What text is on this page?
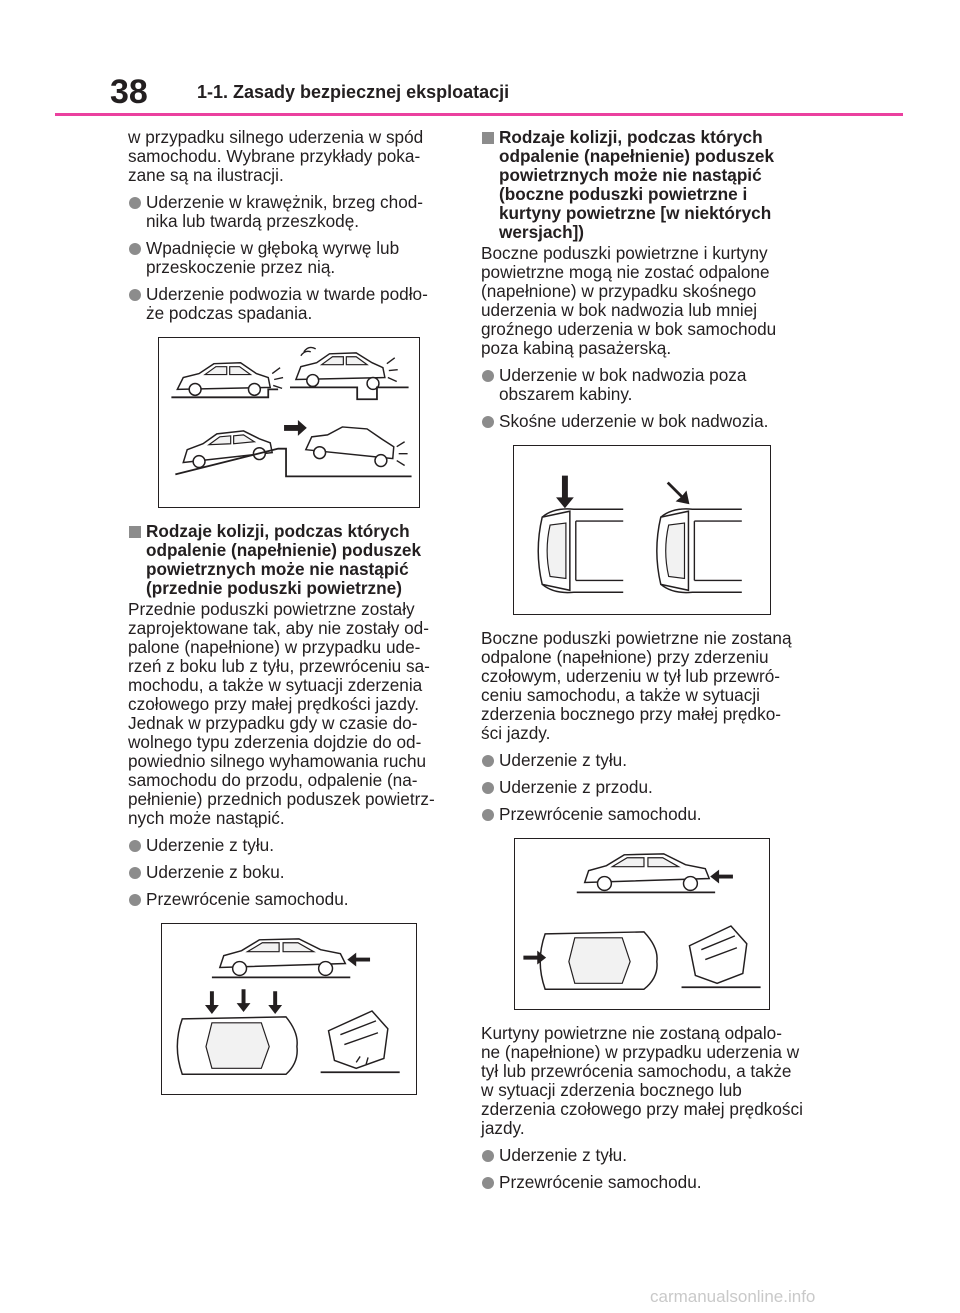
38	1-1. Zasady bezpiecznej eksploatacji

w przypadku silnego uderzenia w spód samochodu. Wybrane przykłady poka- zane są na ilustracji.

Uderzenie w krawężnik, brzeg chod- nika lub twardą przeszkodę.
Wpadnięcie w głęboką wyrwę lub przeskoczenie przez nią.
Uderzenie podwozia w twarde podło- że podczas spadania.
Rodzaje kolizji, podczas których odpalenie (napełnienie) poduszek powietrznych może nie nastąpić (przednie poduszki powietrzne)

Przednie poduszki powietrzne zostały zaprojektowane tak, aby nie zostały od- palone (napełnione) w przypadku ude- rzeń z boku lub z tyłu, przewróceniu sa- mochodu, a także w sytuacji zderzenia czołowego przy małej prędkości jazdy. Jednak w przypadku gdy w czasie do- wolnego typu zderzenia dojdzie do od- powiednio silnego wyhamowania ruchu samochodu do przodu, odpalenie (na- pełnienie) przednich poduszek powietrz- nych może nastąpić.

Uderzenie z tyłu.
Uderzenie z boku.
Przewrócenie samochodu.
Rodzaje kolizji, podczas których odpalenie (napełnienie) poduszek powietrznych może nie nastąpić (boczne poduszki powietrzne i kurtyny powietrzne [w niektórych wersjach])

Boczne poduszki powietrzne i kurtyny powietrzne mogą nie zostać odpalone (napełnione) w przypadku skośnego uderzenia w bok nadwozia lub mniej groźnego uderzenia w bok samochodu poza kabiną pasażerską.

Uderzenie w bok nadwozia poza obszarem kabiny.
Skośne uderzenie w bok nadwozia.

Boczne poduszki powietrzne nie zostaną odpalone (napełnione) przy zderzeniu czołowym, uderzeniu w tył lub przewró- ceniu samochodu, a także w sytuacji zderzenia bocznego przy małej prędko- ści jazdy.

Uderzenie z tyłu.
Uderzenie z przodu.
Przewrócenie samochodu.

Kurtyny powietrzne nie zostaną odpalo- ne (napełnione) w przypadku uderzenia w tył lub przewrócenia samochodu, a także w sytuacji zderzenia bocznego lub zderzenia czołowego przy małej prędkości jazdy.

Uderzenie z tyłu.
Przewrócenie samochodu.
carmanualsonline.info
